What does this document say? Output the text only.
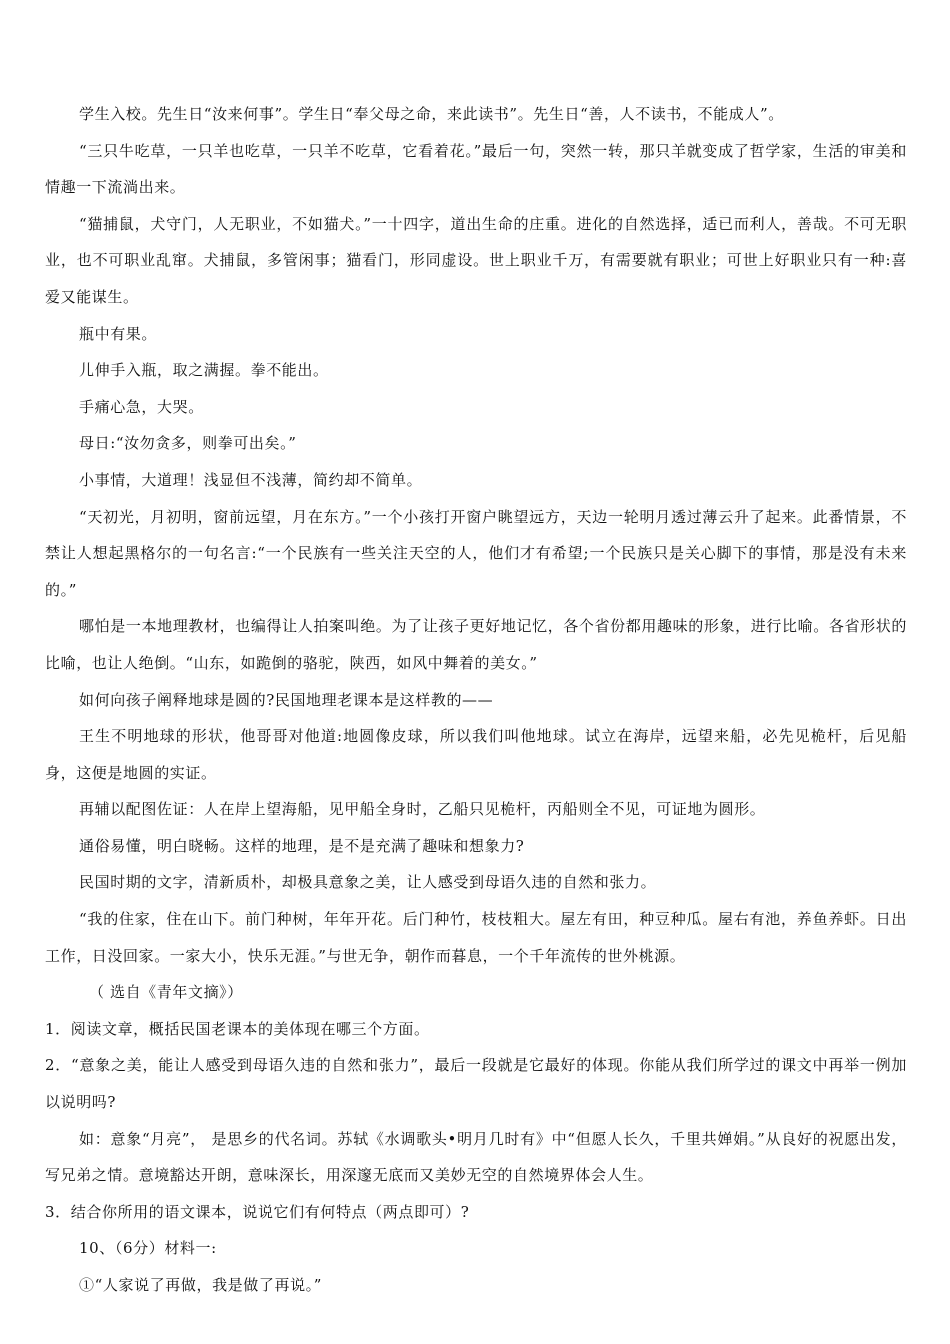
学生入校。先生日“汝来何事”。学生日“奉父母之命，来此读书”。先生日“善，人不读书，不能成人”。

“三只牛吃草，一只羊也吃草，一只羊不吃草，它看着花。”最后一句，突然一转，那只羊就变成了哲学家，生活的审美和情趣一下流淌出来。

“猫捕鼠，犬守门，人无职业，不如猫犬。”一十四字，道出生命的庄重。进化的自然选择，适已而利人，善哉。不可无职业，也不可职业乱窜。犬捕鼠，多管闲事；猫看门，形同虚设。世上职业千万，有需要就有职业；可世上好职业只有一种:喜爱又能谋生。

瓶中有果。

儿伸手入瓶，取之满握。拳不能出。

手痛心急，大哭。

母日:“汝勿贪多，则拳可出矣。”

小事情，大道理！浅显但不浅薄，简约却不简单。

“天初光，月初明，窗前远望，月在东方。”一个小孩打开窗户眺望远方，天边一轮明月透过薄云升了起来。此番情景，不禁让人想起黑格尔的一句名言:“一个民族有一些关注天空的人，他们才有希望;一个民族只是关心脚下的事情，那是没有未来的。”

哪怕是一本地理教材，也编得让人拍案叫绝。为了让孩子更好地记忆，各个省份都用趣味的形象，进行比喻。各省形状的比喻，也让人绝倒。“山东，如跪倒的骆驼，陕西，如风中舞着的美女。”

如何向孩子阐释地球是圆的?民国地理老课本是这样教的——

王生不明地球的形状，他哥哥对他道:地圆像皮球，所以我们叫他地球。试立在海岸，远望来船，必先见桅杆，后见船身，这便是地圆的实证。

再辅以配图佐证：人在岸上望海船，见甲船全身时，乙船只见桅杆，丙船则全不见，可证地为圆形。

通俗易懂，明白晓畅。这样的地理，是不是充满了趣味和想象力?

民国时期的文字，清新质朴，却极具意象之美，让人感受到母语久违的自然和张力。

“我的住家，住在山下。前门种树，年年开花。后门种竹，枝枝粗大。屋左有田，种豆种瓜。屋右有池，养鱼养虾。日出工作，日没回家。一家大小，快乐无涯。”与世无争，朝作而暮息，一个千年流传的世外桃源。

（ 选自《青年文摘》）

1．阅读文章，概括民国老课本的美体现在哪三个方面。

2．“意象之美，能让人感受到母语久违的自然和张力”，最后一段就是它最好的体现。你能从我们所学过的课文中再举一例加以说明吗?

如：意象“月亮”， 是思乡的代名词。苏轼《水调歌头•明月几时有》中“但愿人长久，千里共婵娟。”从良好的祝愿出发，写兄弟之情。意境豁达开朗，意味深长，用深邃无底而又美妙无空的自然境界体会人生。

3．结合你所用的语文课本，说说它们有何特点（两点即可）?

10、（6分）材料一:

①“人家说了再做，我是做了再说。”
